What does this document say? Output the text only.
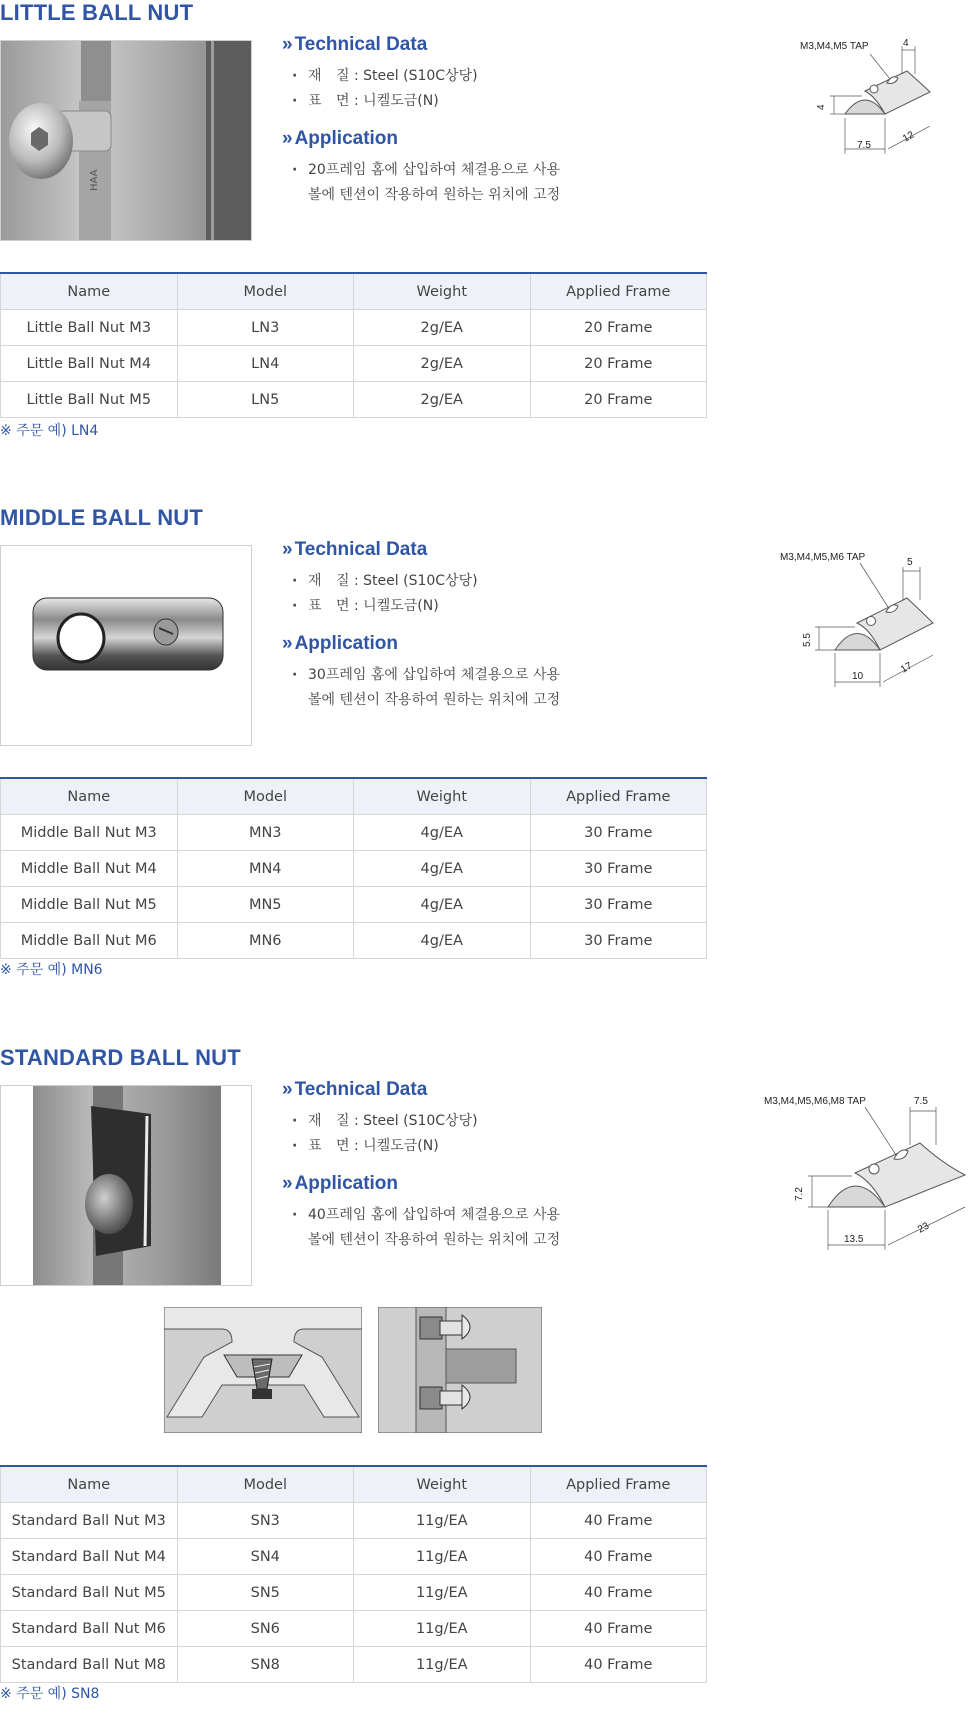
LITTLE BALL NUT
HAA
» Technical Data
· 재 질 : Steel (S10C상당)
· 표 면 : 니켈도금(N)
» Application
· 20프레임 홈에 삽입하여 체결용으로 사용
볼에 텐션이 작용하여 원하는 위치에 고정
M3,M4,M5 TAP	4
4
7.5
12
Name	Model	Weight	Applied Frame
Little Ball Nut M3	LN3	2g/EA	20 Frame
Little Ball Nut M4	LN4	2g/EA	20 Frame
Little Ball Nut M5	LN5	2g/EA	20 Frame
※ 주문 예) LN4
MIDDLE BALL NUT
» Technical Data
· 재 질 : Steel (S10C상당)
· 표 면 : 니켈도금(N)
» Application
· 30프레임 홈에 삽입하여 체결용으로 사용
볼에 텐션이 작용하여 원하는 위치에 고정
M3,M4,M5,M6 TAP	5
5.5
10
17
Name	Model	Weight	Applied Frame
Middle Ball Nut M3	MN3	4g/EA	30 Frame
Middle Ball Nut M4	MN4	4g/EA	30 Frame
Middle Ball Nut M5	MN5	4g/EA	30 Frame
Middle Ball Nut M6	MN6	4g/EA	30 Frame
※ 주문 예) MN6
STANDARD BALL NUT
» Technical Data
· 재 질 : Steel (S10C상당)
· 표 면 : 니켈도금(N)
» Application
· 40프레임 홈에 삽입하여 체결용으로 사용
볼에 텐션이 작용하여 원하는 위치에 고정
M3,M4,M5,M6,M8 TAP	7.5
7.2
13.5
23
Name	Model	Weight	Applied Frame
Standard Ball Nut M3	SN3	11g/EA	40 Frame
Standard Ball Nut M4	SN4	11g/EA	40 Frame
Standard Ball Nut M5	SN5	11g/EA	40 Frame
Standard Ball Nut M6	SN6	11g/EA	40 Frame
Standard Ball Nut M8	SN8	11g/EA	40 Frame
※ 주문 예) SN8
